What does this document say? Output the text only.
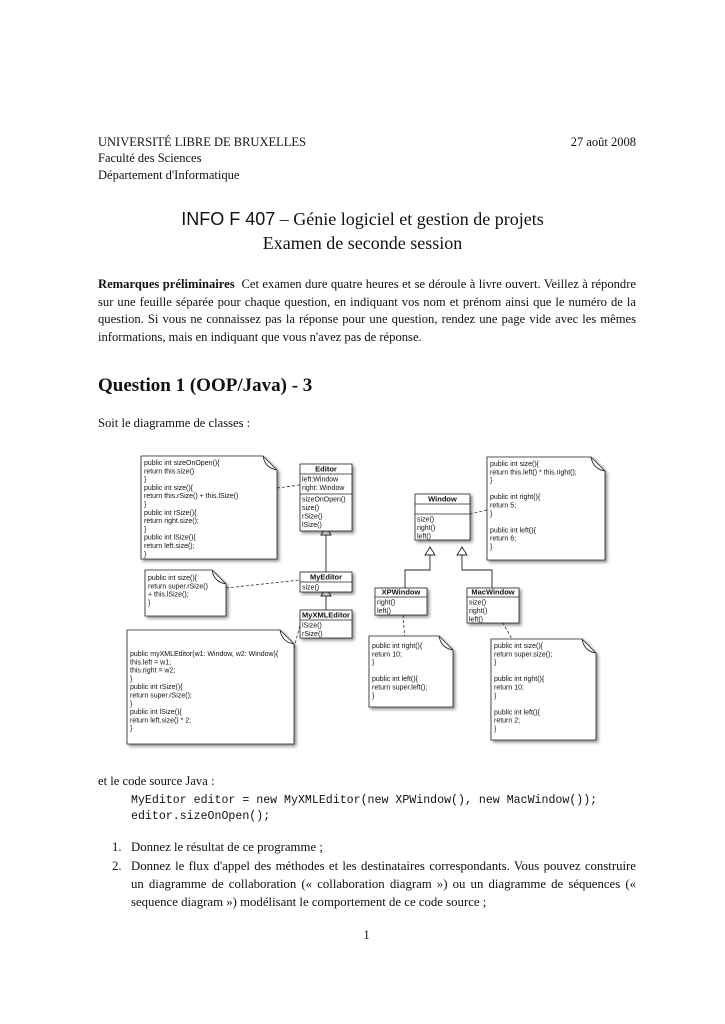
UNIVERSITÉ LIBRE DE BRUXELLES
Faculté des Sciences
Département d'Informatique
27 août 2008
INFO F 407 – Génie logiciel et gestion de projets
Examen de seconde session
Remarques préliminaires Cet examen dure quatre heures et se déroule à livre ouvert. Veillez à répondre sur une feuille séparée pour chaque question, en indiquant vos nom et prénom ainsi que le numéro de la question. Si vous ne connaissez pas la réponse pour une question, rendez une page vide avec les mêmes informations, mais en indiquant que vous n'avez pas de réponse.
Question 1 (OOP/Java) - 3
Soit le diagramme de classes :
public int sizeOnOpen(){
return this.size()
}
public int size(){
return this.rSize() + this.lSize()
}
public int rSize(){
return right.size();
}
public int lSize(){
return left.size();
}
public int size(){
return super.rSize()
+ this.lSize();
}
public myXMLEditor(w1: Window, w2: Window){
this.left = w1;
this.right = w2;
}
public int rSize(){
return super.rSize();
}
public int lSize(){
return left.size() * 2;
}
public int size(){
return this.left() * this.right();
}
public int right(){
return 5;
}
public int left(){
return 6;
}
public int right(){
return 10;
}
public int left(){
return super.left();
}
public int size(){
return super.size();
}
public int right(){
return 10;
}
public int left(){
return 2;
}
Editor
left:Window
right: Window
sizeOnOpen()
size()
rSize()
lSize()
Window
size()
right()
left()
MyEditor
size()
MyXMLEditor
lSize()
rSize()
XPWindow
right()
left()
MacWindow
size()
right()
left()
et le code source Java :
MyEditor editor = new MyXMLEditor(new XPWindow(), new MacWindow());
editor.sizeOnOpen();
1. Donnez le résultat de ce programme ;
2. Donnez le flux d'appel des méthodes et les destinataires correspondants. Vous pouvez construire un diagramme de collaboration (« collaboration diagram ») ou un diagramme de séquences (« sequence diagram ») modélisant le comportement de ce code source ;
1
